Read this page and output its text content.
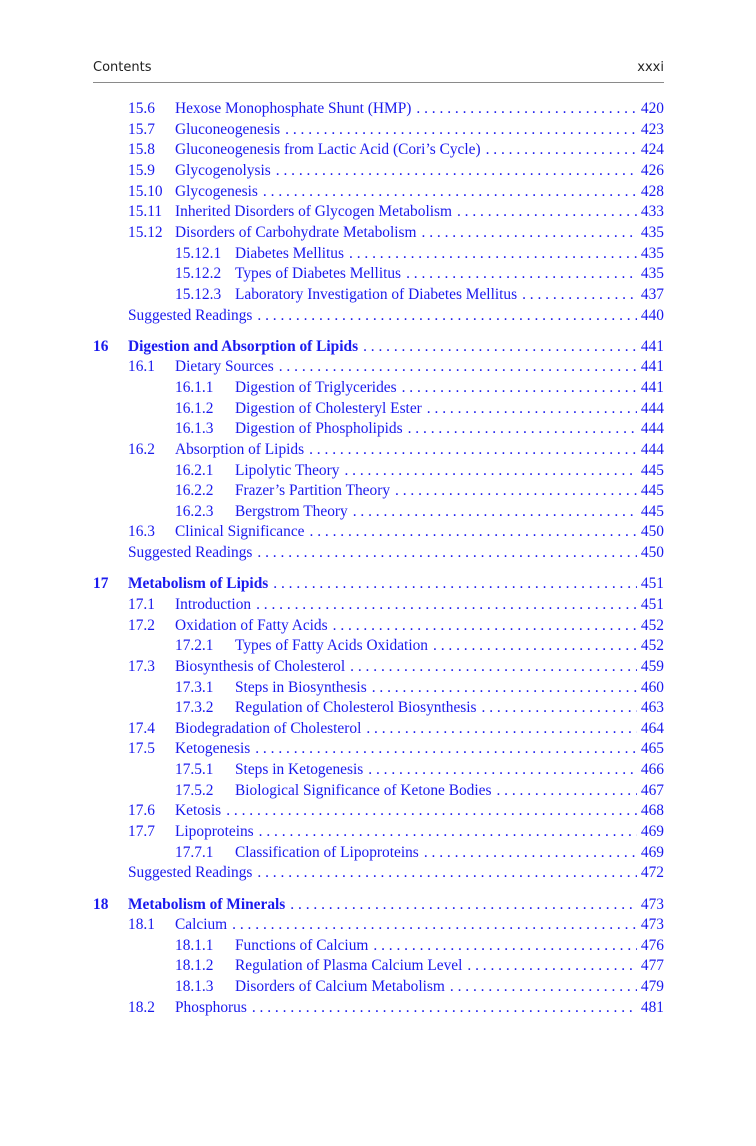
Contents	xxxi
15.6 Hexose Monophosphate Shunt (HMP) . . .	420
15.7 Gluconeogenesis . . .	423
15.8 Gluconeogenesis from Lactic Acid (Cori’s Cycle) . . .	424
15.9 Glycogenolysis . . .	426
15.10 Glycogenesis . . .	428
15.11 Inherited Disorders of Glycogen Metabolism . . .	433
15.12 Disorders of Carbohydrate Metabolism . . .	435
15.12.1 Diabetes Mellitus . . .	435
15.12.2 Types of Diabetes Mellitus . . .	435
15.12.3 Laboratory Investigation of Diabetes Mellitus . . .	437
Suggested Readings . . .	440
16 Digestion and Absorption of Lipids . . .	441
16.1 Dietary Sources . . .	441
16.1.1 Digestion of Triglycerides . . .	441
16.1.2 Digestion of Cholesteryl Ester . . .	444
16.1.3 Digestion of Phospholipids . . .	444
16.2 Absorption of Lipids . . .	444
16.2.1 Lipolytic Theory . . .	445
16.2.2 Frazer’s Partition Theory . . .	445
16.2.3 Bergstrom Theory . . .	445
16.3 Clinical Significance . . .	450
Suggested Readings . . .	450
17 Metabolism of Lipids . . .	451
17.1 Introduction . . .	451
17.2 Oxidation of Fatty Acids . . .	452
17.2.1 Types of Fatty Acids Oxidation . . .	452
17.3 Biosynthesis of Cholesterol . . .	459
17.3.1 Steps in Biosynthesis . . .	460
17.3.2 Regulation of Cholesterol Biosynthesis . . .	463
17.4 Biodegradation of Cholesterol . . .	464
17.5 Ketogenesis . . .	465
17.5.1 Steps in Ketogenesis . . .	466
17.5.2 Biological Significance of Ketone Bodies . . .	467
17.6 Ketosis . . .	468
17.7 Lipoproteins . . .	469
17.7.1 Classification of Lipoproteins . . .	469
Suggested Readings . . .	472
18 Metabolism of Minerals . . .	473
18.1 Calcium . . .	473
18.1.1 Functions of Calcium . . .	476
18.1.2 Regulation of Plasma Calcium Level . . .	477
18.1.3 Disorders of Calcium Metabolism . . .	479
18.2 Phosphorus . . .	481
